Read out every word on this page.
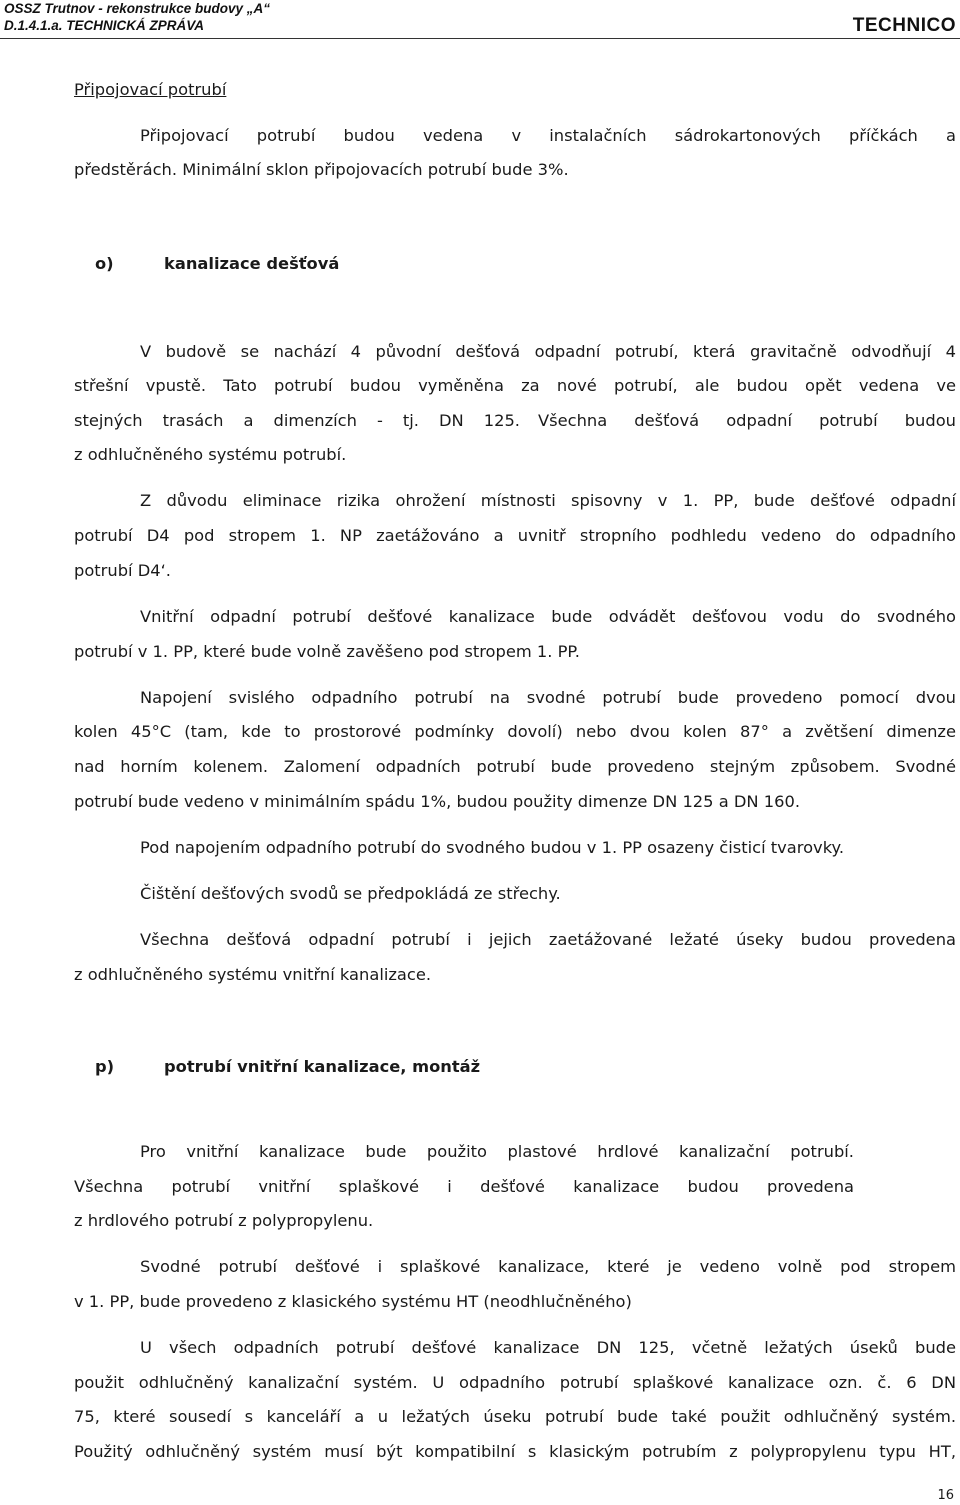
OSSZ Trutnov - rekonstrukce budovy „A“
D.1.4.1.a. TECHNICKÁ ZPRÁVA	TECHNICO

Připojovací potrubí

Připojovací potrubí budou vedena v instalačních sádrokartonových příčkách a

předstěrách. Minimální sklon připojovacích potrubí bude 3%.

o)	kanalizace dešťová

V budově se nachází 4 původní dešťová odpadní potrubí, která gravitačně odvodňují 4

střešní vpustě. Tato potrubí budou vyměněna za nové potrubí, ale budou opět vedena ve

stejných trasách a dimenzích - tj. DN 125. Všechna dešťová odpadní potrubí budou

z odhlučněného systému potrubí.

Z důvodu eliminace rizika ohrožení místnosti spisovny v 1. PP, bude dešťové odpadní

potrubí D4 pod stropem 1. NP zaetážováno a uvnitř stropního podhledu vedeno do odpadního

potrubí D4‘.

Vnitřní odpadní potrubí dešťové kanalizace bude odvádět dešťovou vodu do svodného

potrubí v 1. PP, které bude volně zavěšeno pod stropem 1. PP.

Napojení svislého odpadního potrubí na svodné potrubí bude provedeno pomocí dvou

kolen 45°C (tam, kde to prostorové podmínky dovolí) nebo dvou kolen 87° a zvětšení dimenze

nad horním kolenem. Zalomení odpadních potrubí bude provedeno stejným způsobem. Svodné

potrubí bude vedeno v minimálním spádu 1%, budou použity dimenze DN 125 a DN 160.

Pod napojením odpadního potrubí do svodného budou v 1. PP osazeny čisticí tvarovky.

Čištění dešťových svodů se předpokládá ze střechy.

Všechna dešťová odpadní potrubí i jejich zaetážované ležaté úseky budou provedena

z odhlučněného systému vnitřní kanalizace.

p)	potrubí vnitřní kanalizace, montáž

Pro vnitřní kanalizace bude použito plastové hrdlové kanalizační potrubí.

Všechna potrubí vnitřní splaškové i dešťové kanalizace budou provedena

z hrdlového potrubí z polypropylenu.

Svodné potrubí dešťové i splaškové kanalizace, které je vedeno volně pod stropem

v 1. PP, bude provedeno z klasického systému HT (neodhlučněného)

U všech odpadních potrubí dešťové kanalizace DN 125, včetně ležatých úseků bude

použit odhlučněný kanalizační systém. U odpadního potrubí splaškové kanalizace ozn. č. 6 DN

75, které sousedí s kanceláří a u ležatých úseku potrubí bude také použit odhlučněný systém.

Použitý odhlučněný systém musí být kompatibilní s klasickým potrubím z polypropylenu typu HT,

16
